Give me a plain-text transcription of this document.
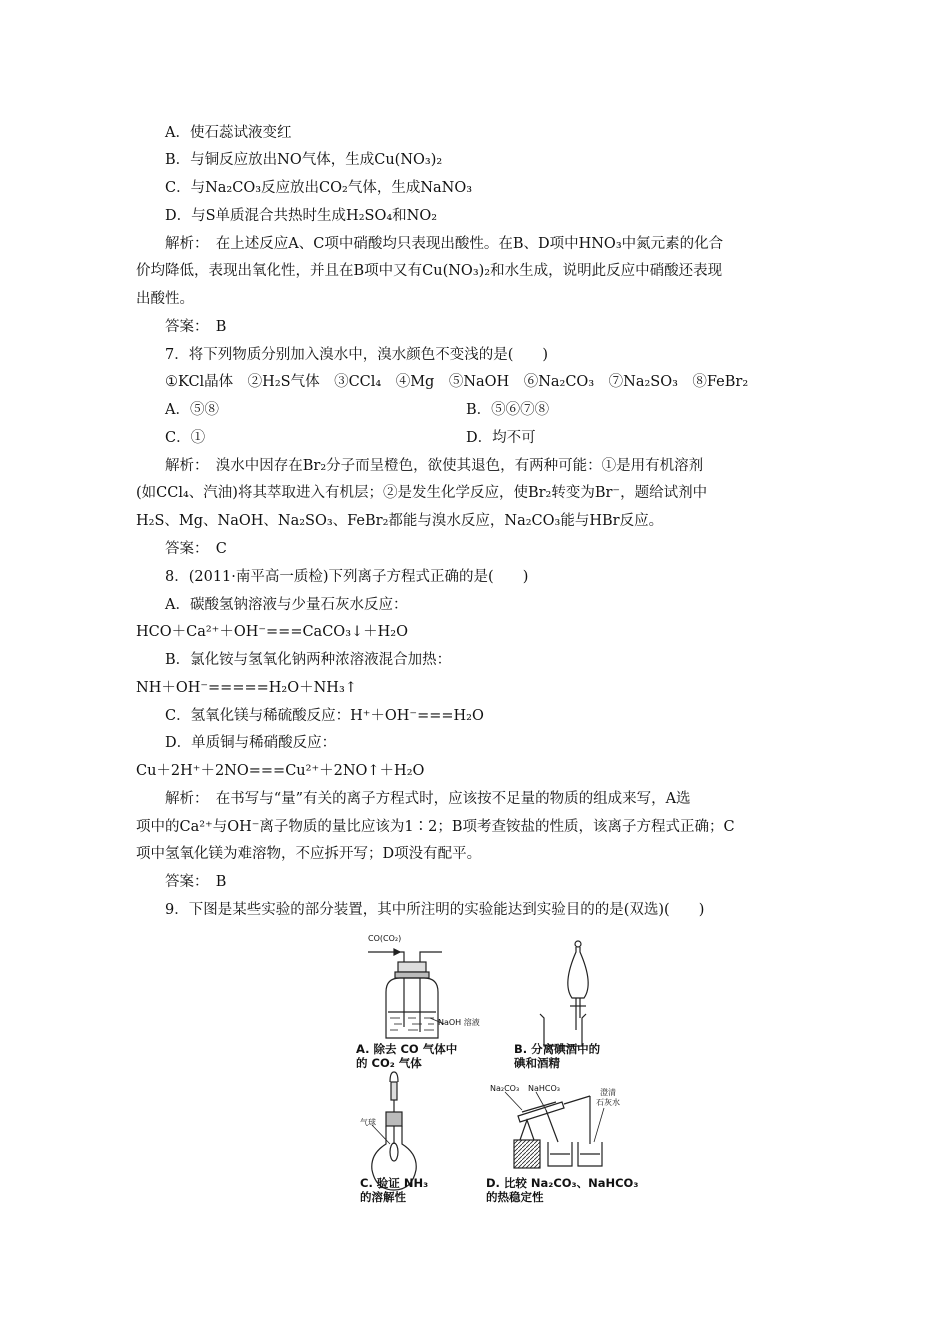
A．使石蕊试液变红
B．与铜反应放出NO气体，生成Cu(NO₃)₂
C．与Na₂CO₃反应放出CO₂气体，生成NaNO₃
D．与S单质混合共热时生成H₂SO₄和NO₂
解析：　在上述反应A、C项中硝酸均只表现出酸性。在B、D项中HNO₃中氮元素的化合
价均降低，表现出氧化性，并且在B项中又有Cu(NO₃)₂和水生成，说明此反应中硝酸还表现
出酸性。
答案：　B
7．将下列物质分别加入溴水中，溴水颜色不变浅的是(　　)
①KCl晶体　②H₂S气体　③CCl₄　④Mg　⑤NaOH　⑥Na₂CO₃　⑦Na₂SO₃　⑧FeBr₂
A．⑤⑧	B．⑤⑥⑦⑧
C．①	D．均不可
解析：　溴水中因存在Br₂分子而呈橙色，欲使其退色，有两种可能：①是用有机溶剂
(如CCl₄、汽油)将其萃取进入有机层；②是发生化学反应，使Br₂转变为Br⁻，题给试剂中
H₂S、Mg、NaOH、Na₂SO₃、FeBr₂都能与溴水反应，Na₂CO₃能与HBr反应。
答案：　C
8．(2011·南平高一质检)下列离子方程式正确的是(　　)
A．碳酸氢钠溶液与少量石灰水反应：
HCO＋Ca²⁺＋OH⁻===CaCO₃↓＋H₂O
B．氯化铵与氢氧化钠两种浓溶液混合加热：
NH＋OH⁻=====H₂O＋NH₃↑
C．氢氧化镁与稀硫酸反应：H⁺＋OH⁻===H₂O
D．单质铜与稀硝酸反应：
Cu＋2H⁺＋2NO===Cu²⁺＋2NO↑＋H₂O
解析：　在书写与“量”有关的离子方程式时，应该按不足量的物质的组成来写，A选
项中的Ca²⁺与OH⁻离子物质的量比应该为1∶2；B项考查铵盐的性质，该离子方程式正确；C
项中氢氧化镁为难溶物，不应拆开写；D项没有配平。
答案：　B
9．下图是某些实验的部分装置，其中所注明的实验能达到实验目的的是(双选)(　　)
CO(CO₂)
NaOH 溶液
A. 除去 CO 气体中
的 CO₂ 气体
B. 分离碘酒中的
碘和酒精
气球
C. 验证 NH₃
的溶解性
Na₂CO₃ NaHCO₃	澄清
石灰水
D. 比较 Na₂CO₃、NaHCO₃
的热稳定性
